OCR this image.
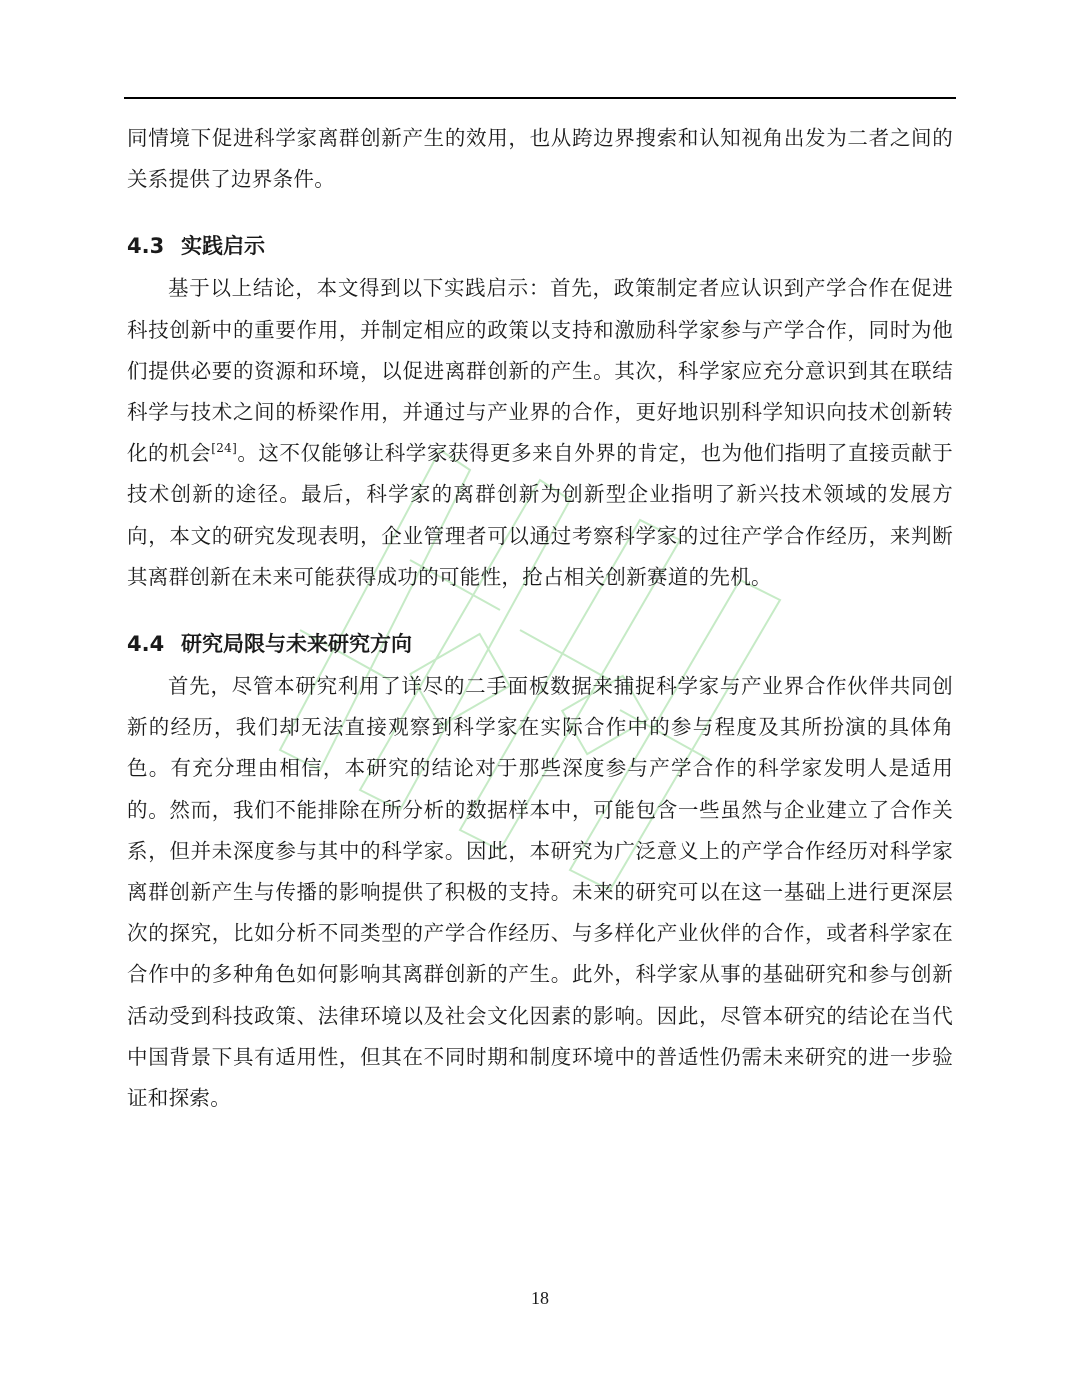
同情境下促进科学家离群创新产生的效用，也从跨边界搜索和认知视角出发为二者之间的关系提供了边界条件。

4.3 实践启示

基于以上结论，本文得到以下实践启示：首先，政策制定者应认识到产学合作在促进科技创新中的重要作用，并制定相应的政策以支持和激励科学家参与产学合作，同时为他们提供必要的资源和环境，以促进离群创新的产生。其次，科学家应充分意识到其在联结科学与技术之间的桥梁作用，并通过与产业界的合作，更好地识别科学知识向技术创新转化的机会[24]。这不仅能够让科学家获得更多来自外界的肯定，也为他们指明了直接贡献于技术创新的途径。最后，科学家的离群创新为创新型企业指明了新兴技术领域的发展方向，本文的研究发现表明，企业管理者可以通过考察科学家的过往产学合作经历，来判断其离群创新在未来可能获得成功的可能性，抢占相关创新赛道的先机。

4.4 研究局限与未来研究方向

首先，尽管本研究利用了详尽的二手面板数据来捕捉科学家与产业界合作伙伴共同创新的经历，我们却无法直接观察到科学家在实际合作中的参与程度及其所扮演的具体角色。有充分理由相信，本研究的结论对于那些深度参与产学合作的科学家发明人是适用的。然而，我们不能排除在所分析的数据样本中，可能包含一些虽然与企业建立了合作关系，但并未深度参与其中的科学家。因此，本研究为广泛意义上的产学合作经历对科学家离群创新产生与传播的影响提供了积极的支持。未来的研究可以在这一基础上进行更深层次的探究，比如分析不同类型的产学合作经历、与多样化产业伙伴的合作，或者科学家在合作中的多种角色如何影响其离群创新的产生。此外，科学家从事的基础研究和参与创新活动受到科技政策、法律环境以及社会文化因素的影响。因此，尽管本研究的结论在当代中国背景下具有适用性，但其在不同时期和制度环境中的普适性仍需未来研究的进一步验证和探索。

18
